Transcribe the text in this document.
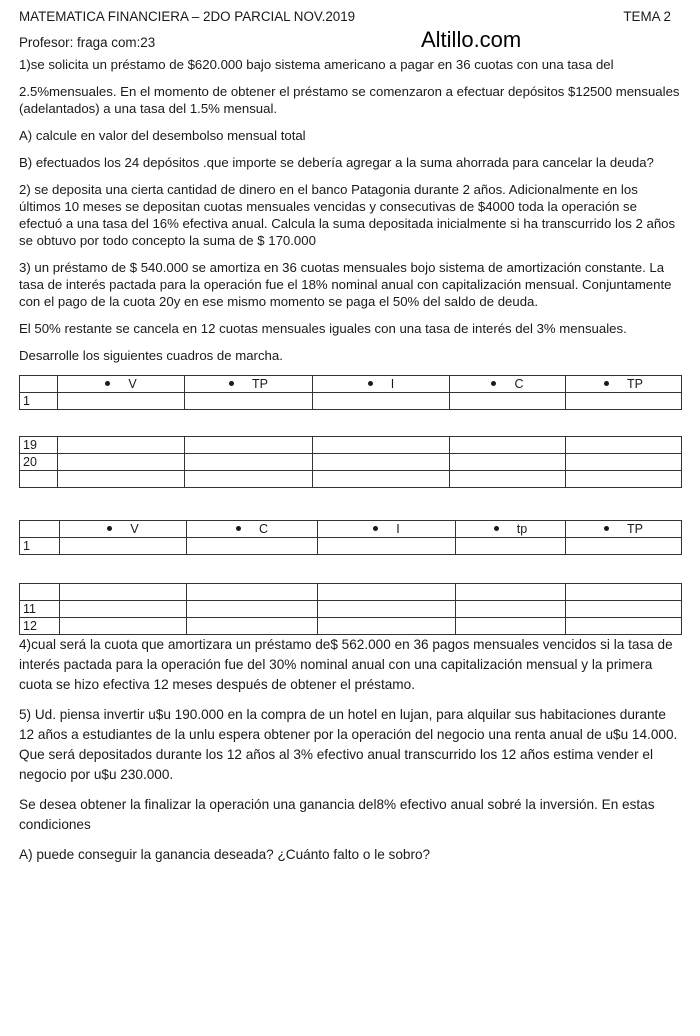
MATEMATICA FINANCIERA – 2DO PARCIAL NOV.2019	TEMA 2
Profesor: fraga com:23	Altillo.com

1)se solicita un préstamo de $620.000 bajo sistema americano a pagar en 36 cuotas con una tasa del

2.5%mensuales. En el momento de obtener el préstamo se comenzaron a efectuar depósitos $12500 mensuales (adelantados) a una tasa del 1.5% mensual.

A) calcule en valor del desembolso mensual total

B) efectuados los 24 depósitos .que importe se debería agregar a la suma ahorrada para cancelar la deuda?

2) se deposita una cierta cantidad de dinero en el banco Patagonia durante 2 años. Adicionalmente en los últimos 10 meses se depositan cuotas mensuales vencidas y consecutivas de $4000 toda la operación se efectuó a una tasa del 16% efectiva anual. Calcula la suma depositada inicialmente si ha transcurrido los 2 años se obtuvo por todo concepto la suma de $ 170.000

3) un préstamo de $ 540.000 se amortiza en 36 cuotas mensuales bojo sistema de amortización constante. La tasa de interés pactada para la operación fue el 18% nominal anual con capitalización mensual. Conjuntamente con el pago de la cuota 20y en ese mismo momento se paga el 50% del saldo de deuda.

El 50% restante se cancela en 12 cuotas mensuales iguales con una tasa de interés del 3% mensuales.

Desarrolle los siguientes cuadros de marcha.

	V	TP	I	C	TP
1					
19					
20					

	V	C	I	tp	TP
1					

11					
12					

4)cual será la cuota que amortizara un préstamo de$ 562.000 en 36 pagos mensuales vencidos si la tasa de interés pactada para la operación fue del 30% nominal anual con una capitalización mensual y la primera cuota se hizo efectiva 12 meses después de obtener el préstamo.

5) Ud. piensa invertir u$u 190.000 en la compra de un hotel en lujan, para alquilar sus habitaciones durante 12 años a estudiantes de la unlu espera obtener por la operación del negocio una renta anual de u$u 14.000. Que será depositados durante los 12 años al 3% efectivo anual transcurrido los 12 años estima vender el negocio por u$u 230.000.

Se desea obtener la finalizar la operación una ganancia del8% efectivo anual sobré la inversión. En estas condiciones

A) puede conseguir la ganancia deseada? ¿Cuánto falto o le sobro?
